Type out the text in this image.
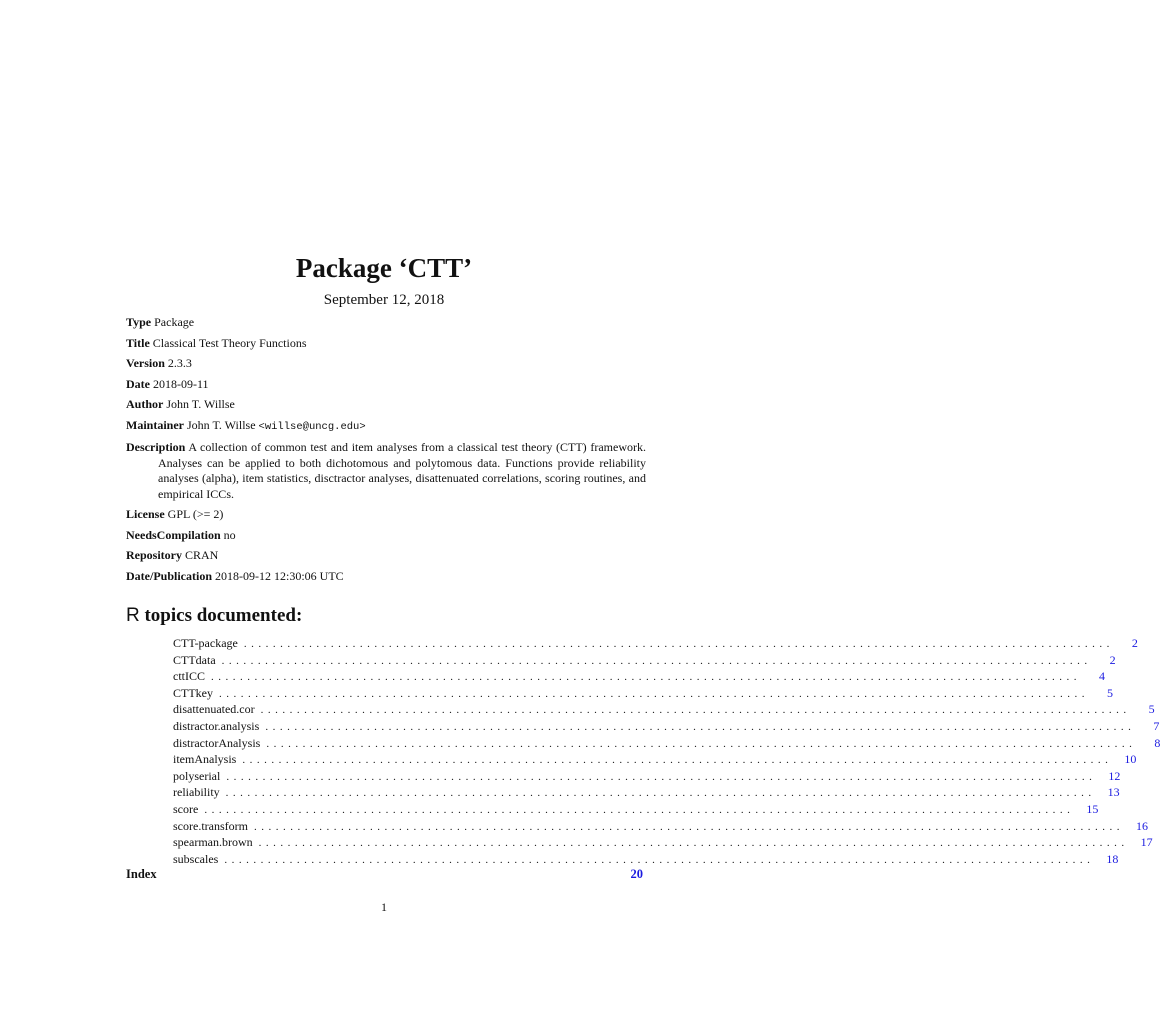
Package ‘CTT’
September 12, 2018

Type Package

Title Classical Test Theory Functions

Version 2.3.3

Date 2018-09-11

Author John T. Willse

Maintainer John T. Willse <willse@uncg.edu>

Description A collection of common test and item analyses from a classical test theory (CTT) framework. Analyses can be applied to both dichotomous and polytomous data. Functions provide reliability analyses (alpha), item statistics, disctractor analyses, disattenuated correlations, scoring routines, and empirical ICCs.

License GPL (>= 2)

NeedsCompilation no

Repository CRAN

Date/Publication 2018-09-12 12:30:06 UTC

R topics documented:
CTT-package ........................................................................................................................	2
CTTdata ........................................................................................................................	2
cttICC ........................................................................................................................	4
CTTkey ........................................................................................................................	5
disattenuated.cor ........................................................................................................................	5
distractor.analysis ........................................................................................................................	7
distractorAnalysis ........................................................................................................................	8
itemAnalysis ........................................................................................................................	10
polyserial ........................................................................................................................	12
reliability ........................................................................................................................	13
score ........................................................................................................................	15
score.transform ........................................................................................................................	16
spearman.brown ........................................................................................................................	17
subscales ........................................................................................................................	18
Index	20
1
